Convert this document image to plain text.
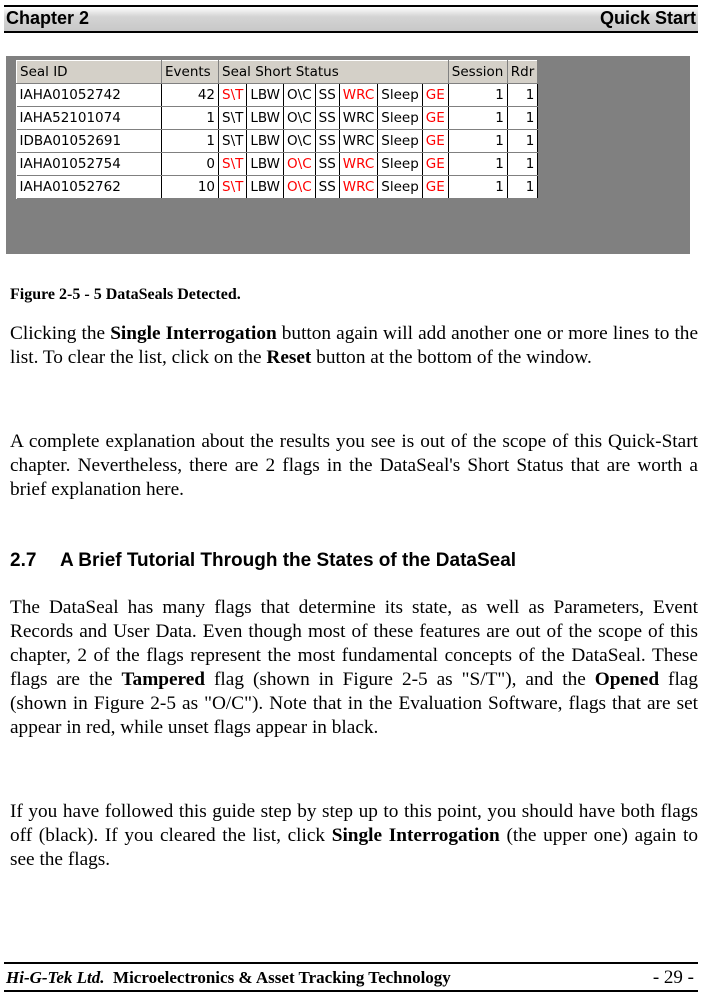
Chapter 2	Quick Start
Seal ID	Events	Seal Short Status							Session	Rdr
IAHA01052742	42	S\T	LBW	O\C	SS	WRC	Sleep	GE	1	1
IAHA52101074	1	S\T	LBW	O\C	SS	WRC	Sleep	GE	1	1
IDBA01052691	1	S\T	LBW	O\C	SS	WRC	Sleep	GE	1	1
IAHA01052754	0	S\T	LBW	O\C	SS	WRC	Sleep	GE	1	1
IAHA01052762	10	S\T	LBW	O\C	SS	WRC	Sleep	GE	1	1
Figure 2-5 - 5 DataSeals Detected.
Clicking the Single Interrogation button again will add another one or more lines to the list. To clear the list, click on the Reset button at the bottom of the window.
A complete explanation about the results you see is out of the scope of this Quick-Start chapter. Nevertheless, there are 2 flags in the DataSeal's Short Status that are worth a brief explanation here.
2.7 A Brief Tutorial Through the States of the DataSeal
The DataSeal has many flags that determine its state, as well as Parameters, Event Records and User Data. Even though most of these features are out of the scope of this chapter, 2 of the flags represent the most fundamental concepts of the DataSeal. These flags are the Tampered flag (shown in Figure 2-5 as "S/T"), and the Opened flag (shown in Figure 2-5 as "O/C"). Note that in the Evaluation Software, flags that are set appear in red, while unset flags appear in black.
If you have followed this guide step by step up to this point, you should have both flags off (black). If you cleared the list, click Single Interrogation (the upper one) again to see the flags.
Hi-G-Tek Ltd. Microelectronics & Asset Tracking Technology	- 29 -
